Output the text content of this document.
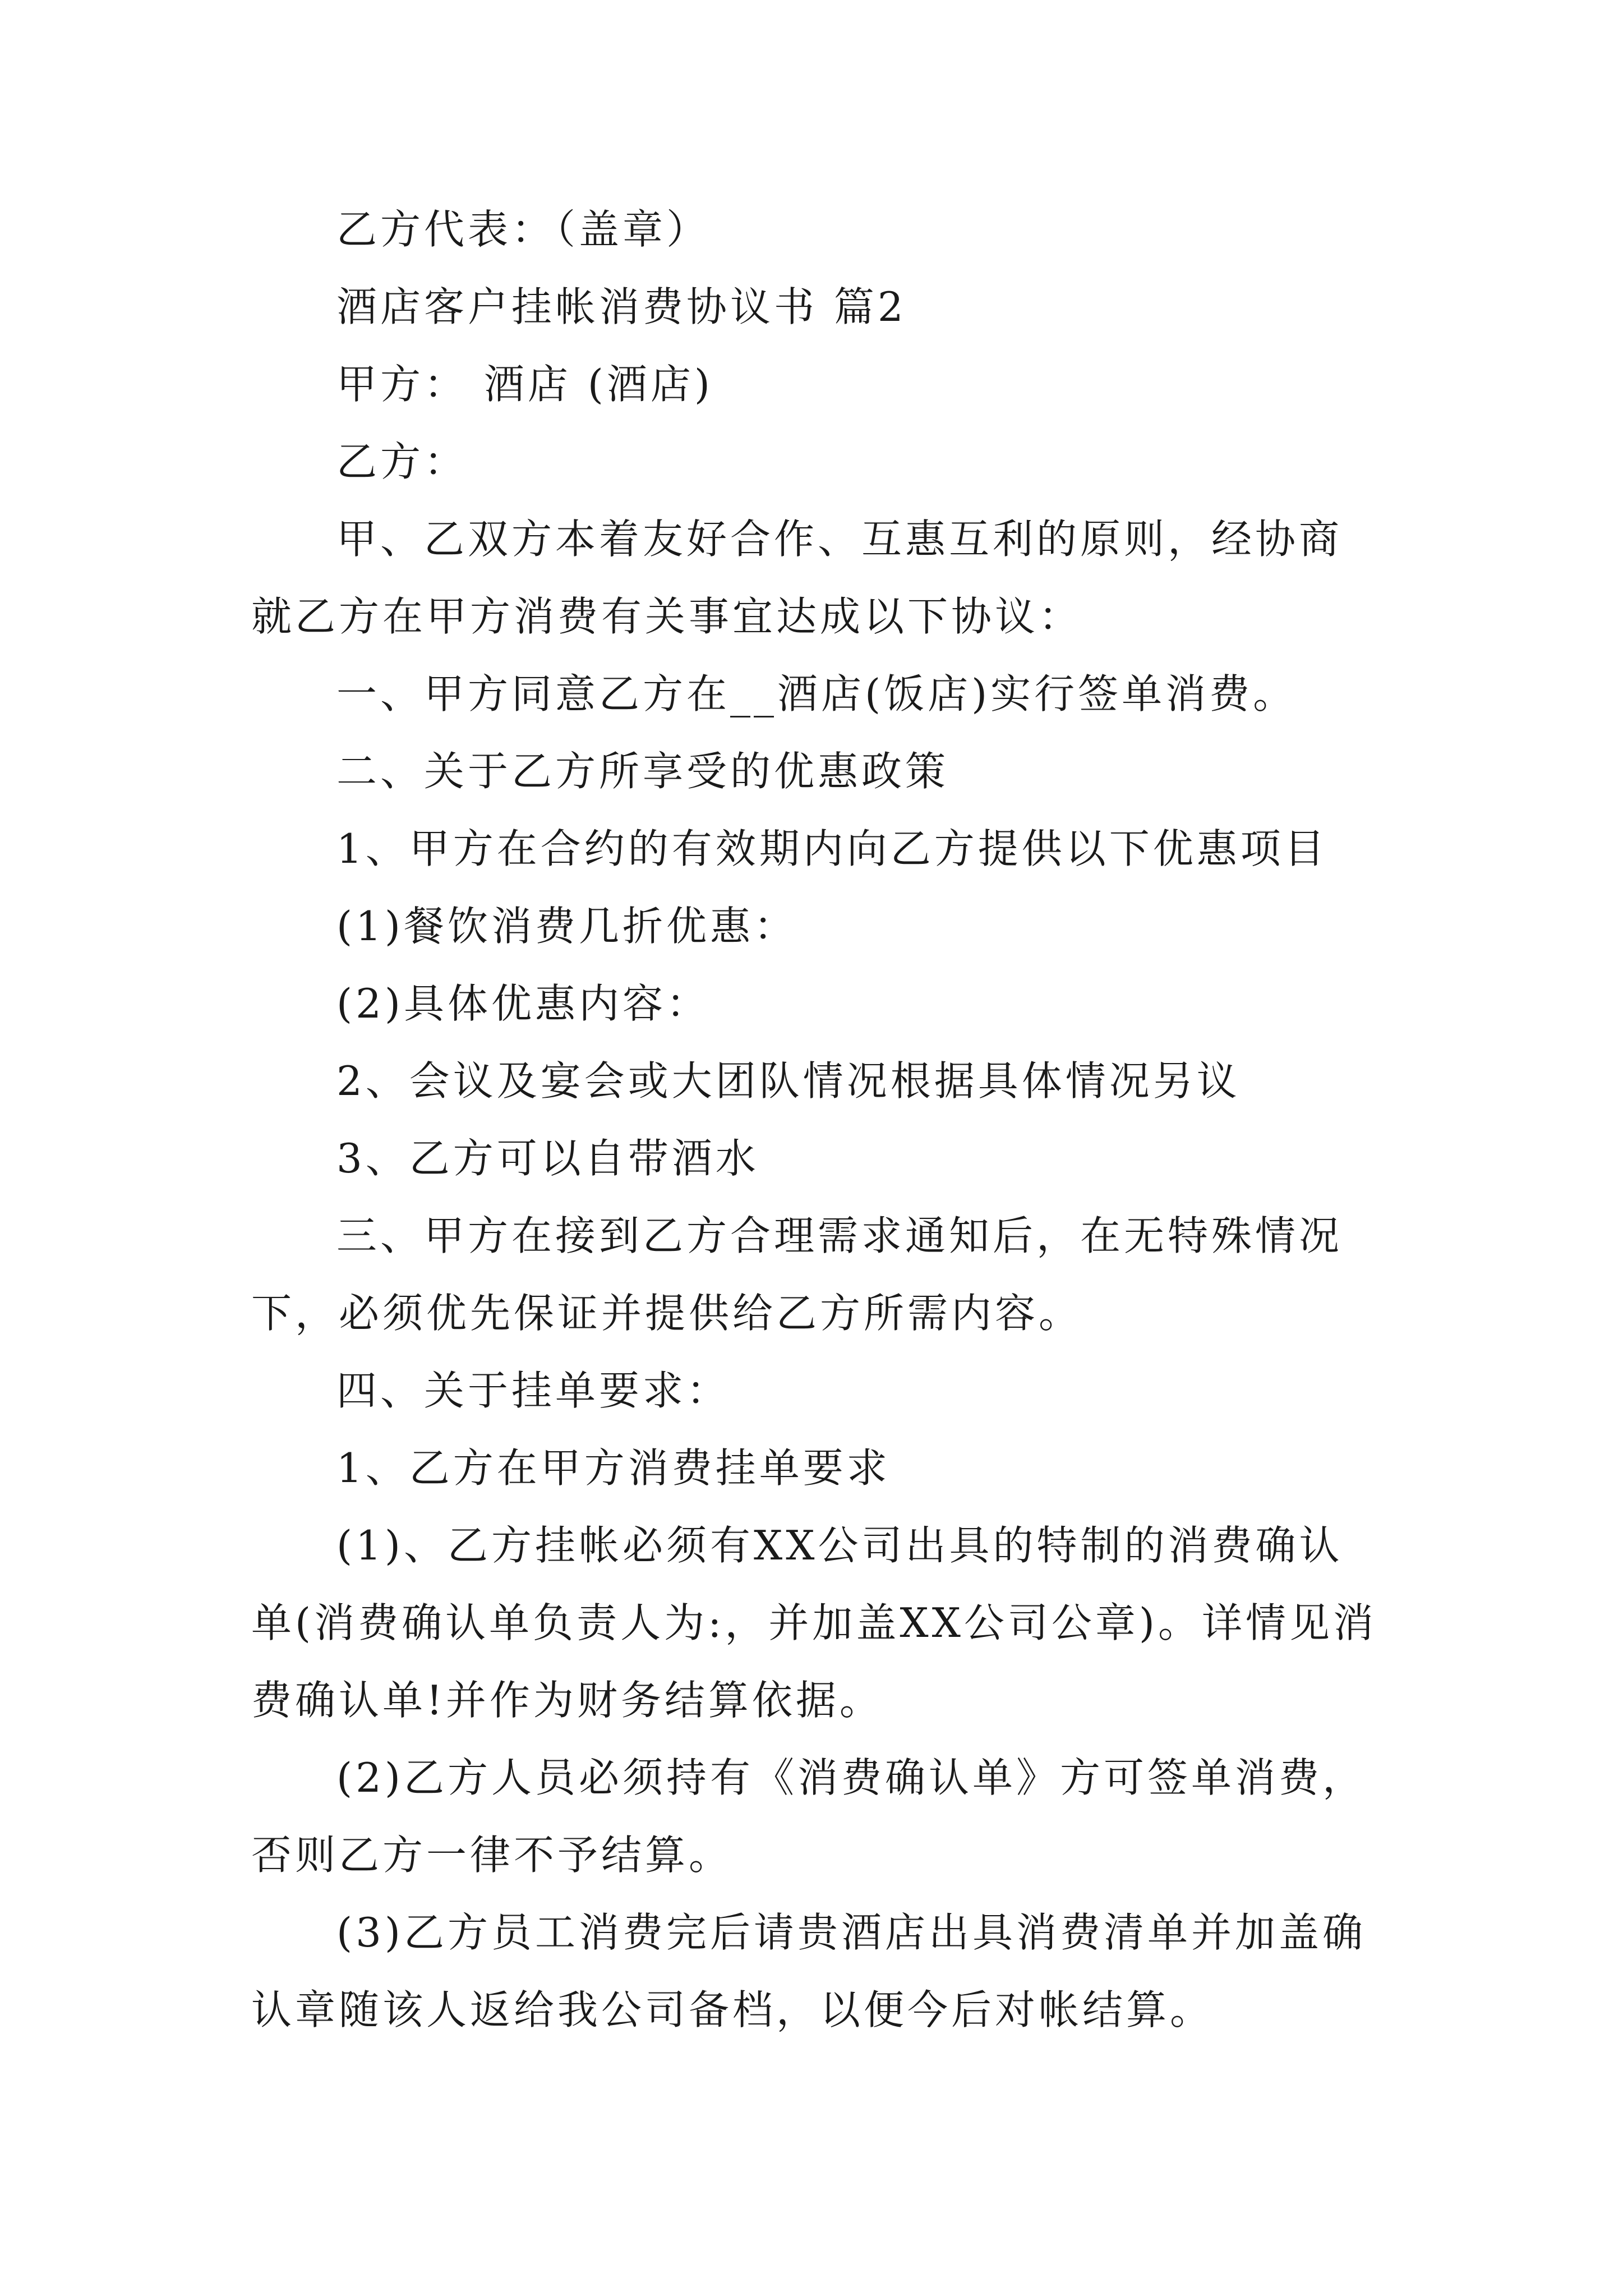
乙方代表：（盖章）

酒店客户挂帐消费协议书 篇2

甲方： 酒店 (酒店)

乙方：

甲、乙双方本着友好合作、互惠互利的原则，经协商就乙方在甲方消费有关事宜达成以下协议：

一、甲方同意乙方在__酒店(饭店)实行签单消费。

二、关于乙方所享受的优惠政策

1、甲方在合约的有效期内向乙方提供以下优惠项目

(1)餐饮消费几折优惠：

(2)具体优惠内容：

2、会议及宴会或大团队情况根据具体情况另议

3、乙方可以自带酒水

三、甲方在接到乙方合理需求通知后，在无特殊情况下，必须优先保证并提供给乙方所需内容。

四、关于挂单要求：

1、乙方在甲方消费挂单要求

(1)、乙方挂帐必须有XX公司出具的特制的消费确认单(消费确认单负责人为:，并加盖XX公司公章)。详情见消费确认单!并作为财务结算依据。

(2)乙方人员必须持有《消费确认单》方可签单消费，否则乙方一律不予结算。

(3)乙方员工消费完后请贵酒店出具消费清单并加盖确认章随该人返给我公司备档，以便今后对帐结算。
